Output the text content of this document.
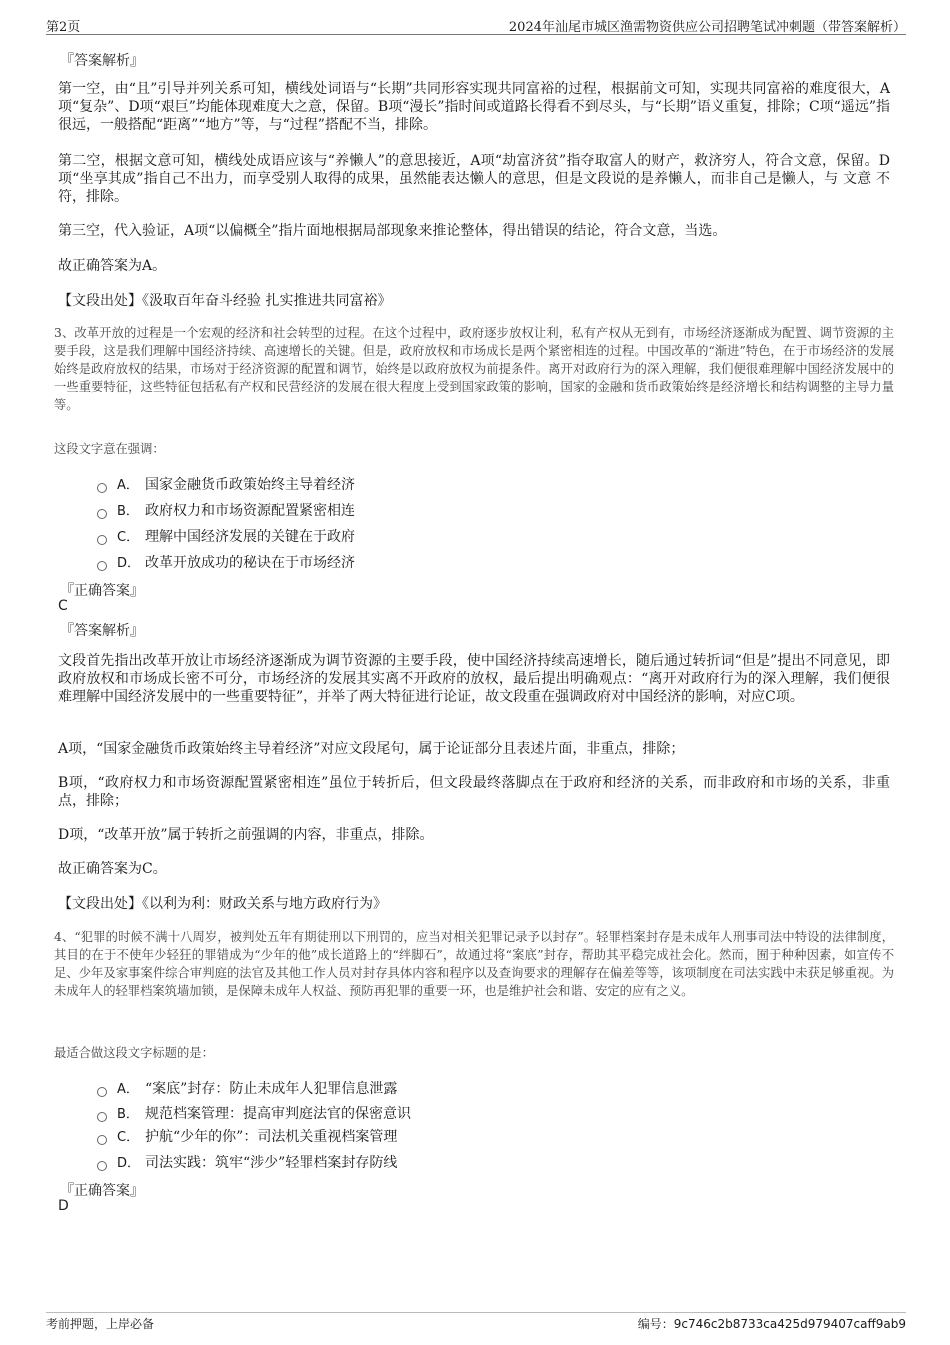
第2页	2024年汕尾市城区渔需物资供应公司招聘笔试冲刺题（带答案解析）
『答案解析』

第一空，由“且”引导并列关系可知，横线处词语与“长期”共同形容实现共同富裕的过程，根据前文可知，实现共同富裕的难度很大，A项“复杂”、D项“艰巨”均能体现难度大之意，保留。B项“漫长”指时间或道路长得看不到尽头，与“长期”语义重复，排除；C项“遥远”指很远，一般搭配“距离”“地方”等，与“过程”搭配不当，排除。

第二空，根据文意可知，横线处成语应该与“养懒人”的意思接近，A项“劫富济贫”指夺取富人的财产，救济穷人，符合文意，保留。D项“坐享其成”指自己不出力，而享受别人取得的成果，虽然能表达懒人的意思，但是文段说的是养懒人，而非自己是懒人，与 文意 不符，排除。

第三空，代入验证，A项“以偏概全”指片面地根据局部现象来推论整体，得出错误的结论，符合文意，当选。

故正确答案为A。

【文段出处】《汲取百年奋斗经验 扎实推进共同富裕》

3、改革开放的过程是一个宏观的经济和社会转型的过程。在这个过程中，政府逐步放权让利，私有产权从无到有，市场经济逐渐成为配置、调节资源的主要手段，这是我们理解中国经济持续、高速增长的关键。但是，政府放权和市场成长是两个紧密相连的过程。中国改革的“渐进”特色，在于市场经济的发展始终是政府放权的结果，市场对于经济资源的配置和调节，始终是以政府放权为前提条件。离开对政府行为的深入理解，我们便很难理解中国经济发展中的一些重要特征，这些特征包括私有产权和民营经济的发展在很大程度上受到国家政策的影响，国家的金融和货币政策始终是经济增长和结构调整的主导力量等。

这段文字意在强调：
A． 国家金融货币政策始终主导着经济
B． 政府权力和市场资源配置紧密相连
C． 理解中国经济发展的关键在于政府
D． 改革开放成功的秘诀在于市场经济
『正确答案』
C
『答案解析』

文段首先指出改革开放让市场经济逐渐成为调节资源的主要手段，使中国经济持续高速增长，随后通过转折词“但是”提出不同意见，即政府放权和市场成长密不可分，市场经济的发展其实离不开政府的放权，最后提出明确观点：“离开对政府行为的深入理解，我们便很难理解中国经济发展中的一些重要特征”，并举了两大特征进行论证，故文段重在强调政府对中国经济的影响，对应C项。

A项，“国家金融货币政策始终主导着经济”对应文段尾句，属于论证部分且表述片面，非重点，排除；

B项，“政府权力和市场资源配置紧密相连”虽位于转折后，但文段最终落脚点在于政府和经济的关系，而非政府和市场的关系，非重点，排除；

D项，“改革开放”属于转折之前强调的内容，非重点，排除。

故正确答案为C。

【文段出处】《以利为利：财政关系与地方政府行为》

4、“犯罪的时候不满十八周岁，被判处五年有期徒刑以下刑罚的，应当对相关犯罪记录予以封存”。轻罪档案封存是未成年人刑事司法中特设的法律制度，其目的在于不使年少轻狂的罪错成为“少年的他”成长道路上的“绊脚石”，故通过将“案底”封存，帮助其平稳完成社会化。然而，囿于种种因素，如宣传不足、少年及家事案件综合审判庭的法官及其他工作人员对封存具体内容和程序以及查询要求的理解存在偏差等等，该项制度在司法实践中未获足够重视。为未成年人的轻罪档案筑墙加锁，是保障未成年人权益、预防再犯罪的重要一环，也是维护社会和谐、安定的应有之义。

最适合做这段文字标题的是：
A． “案底”封存：防止未成年人犯罪信息泄露
B． 规范档案管理：提高审判庭法官的保密意识
C． 护航“少年的你”：司法机关重视档案管理
D． 司法实践：筑牢“涉少”轻罪档案封存防线
『正确答案』
D
考前押题，上岸必备	编号：9c746c2b8733ca425d979407caff9ab9
